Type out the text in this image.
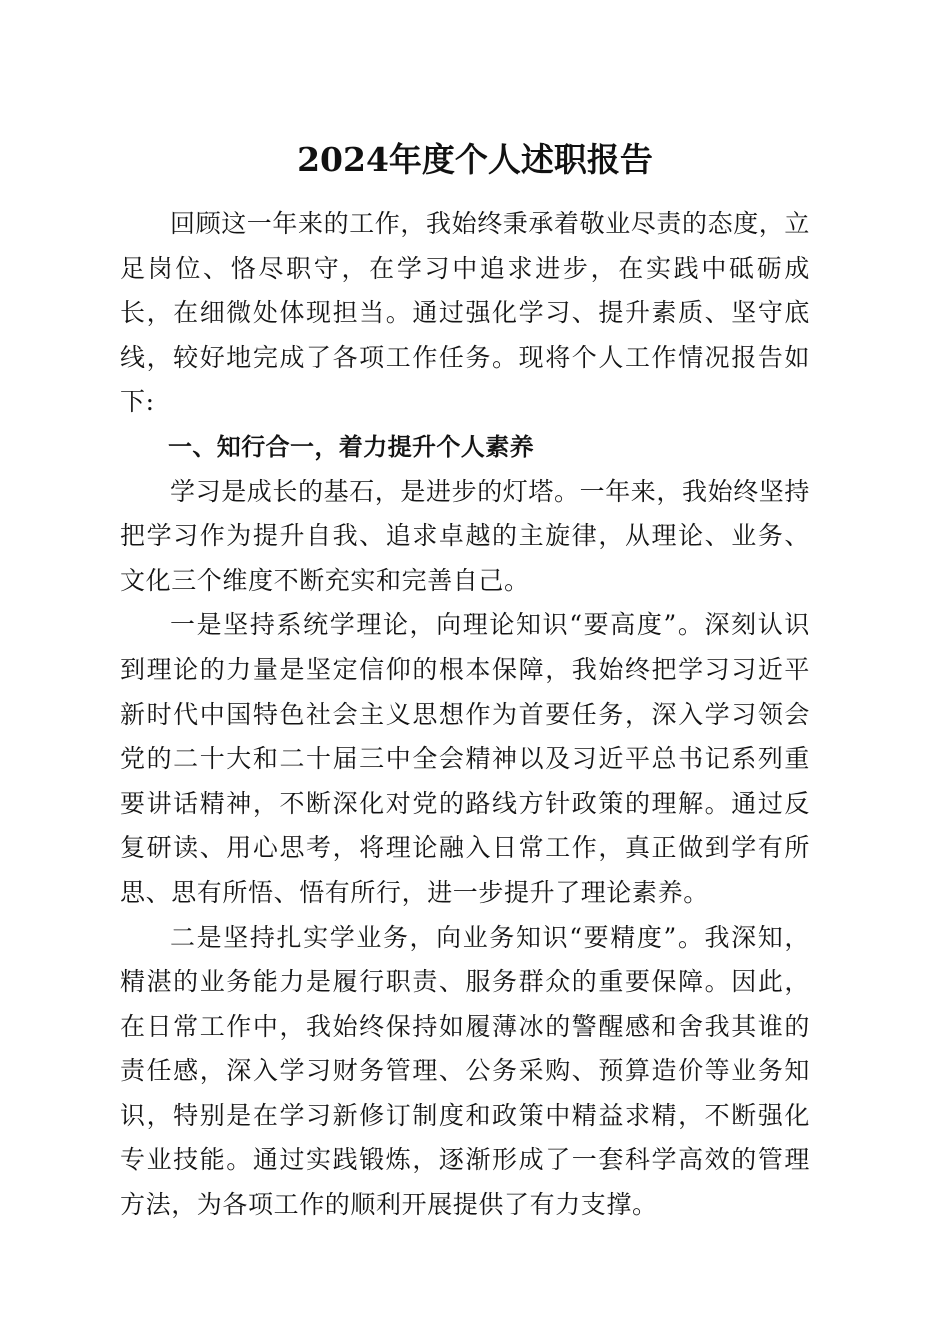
2024年度个人述职报告

回顾这一年来的工作，我始终秉承着敬业尽责的态度，立足岗位、恪尽职守，在学习中追求进步，在实践中砥砺成长，在细微处体现担当。通过强化学习、提升素质、坚守底线，较好地完成了各项工作任务。现将个人工作情况报告如下:

一、知行合一，着力提升个人素养

学习是成长的基石，是进步的灯塔。一年来，我始终坚持把学习作为提升自我、追求卓越的主旋律，从理论、业务、文化三个维度不断充实和完善自己。

一是坚持系统学理论，向理论知识“要高度”。深刻认识到理论的力量是坚定信仰的根本保障，我始终把学习习近平新时代中国特色社会主义思想作为首要任务，深入学习领会党的二十大和二十届三中全会精神以及习近平总书记系列重要讲话精神，不断深化对党的路线方针政策的理解。通过反复研读、用心思考，将理论融入日常工作，真正做到学有所思、思有所悟、悟有所行，进一步提升了理论素养。

二是坚持扎实学业务，向业务知识“要精度”。我深知，精湛的业务能力是履行职责、服务群众的重要保障。因此，在日常工作中，我始终保持如履薄冰的警醒感和舍我其谁的责任感，深入学习财务管理、公务采购、预算造价等业务知识，特别是在学习新修订制度和政策中精益求精，不断强化专业技能。通过实践锻炼，逐渐形成了一套科学高效的管理方法，为各项工作的顺利开展提供了有力支撑。
